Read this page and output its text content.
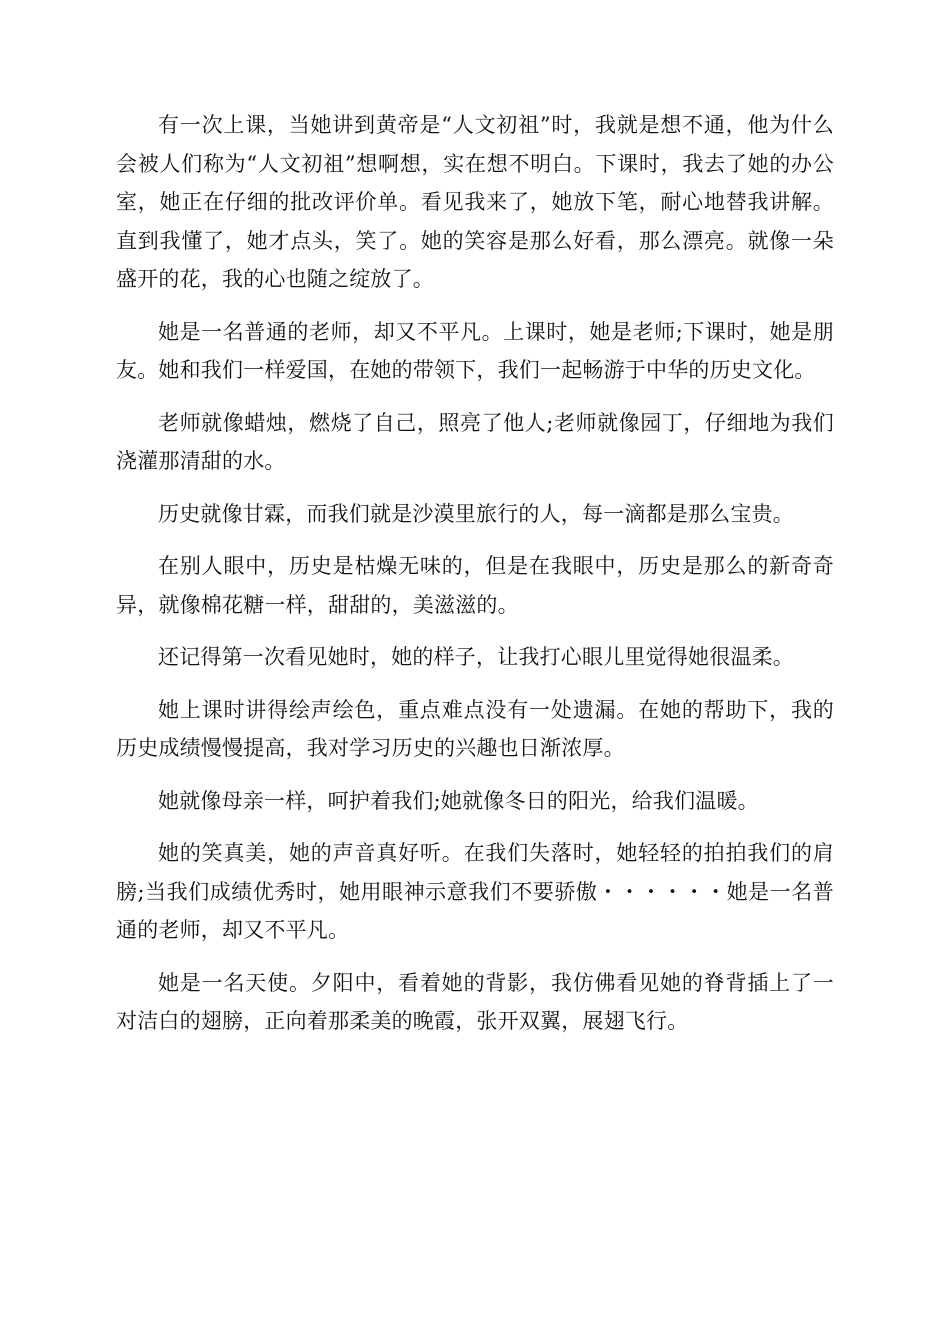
有一次上课，当她讲到黄帝是“人文初祖”时，我就是想不通，他为什么会被人们称为“人文初祖”想啊想，实在想不明白。下课时，我去了她的办公室，她正在仔细的批改评价单。看见我来了，她放下笔，耐心地替我讲解。直到我懂了，她才点头，笑了。她的笑容是那么好看，那么漂亮。就像一朵盛开的花，我的心也随之绽放了。

她是一名普通的老师，却又不平凡。上课时，她是老师;下课时，她是朋友。她和我们一样爱国，在她的带领下，我们一起畅游于中华的历史文化。

老师就像蜡烛，燃烧了自己，照亮了他人;老师就像园丁，仔细地为我们浇灌那清甜的水。

历史就像甘霖，而我们就是沙漠里旅行的人，每一滴都是那么宝贵。

在别人眼中，历史是枯燥无味的，但是在我眼中，历史是那么的新奇奇异，就像棉花糖一样，甜甜的，美滋滋的。

还记得第一次看见她时，她的样子，让我打心眼儿里觉得她很温柔。

她上课时讲得绘声绘色，重点难点没有一处遗漏。在她的帮助下，我的历史成绩慢慢提高，我对学习历史的兴趣也日渐浓厚。

她就像母亲一样，呵护着我们;她就像冬日的阳光，给我们温暖。

她的笑真美，她的声音真好听。在我们失落时，她轻轻的拍拍我们的肩膀;当我们成绩优秀时，她用眼神示意我们不要骄傲・・・・・・她是一名普通的老师，却又不平凡。

她是一名天使。夕阳中，看着她的背影，我仿佛看见她的脊背插上了一对洁白的翅膀，正向着那柔美的晚霞，张开双翼，展翅飞行。
